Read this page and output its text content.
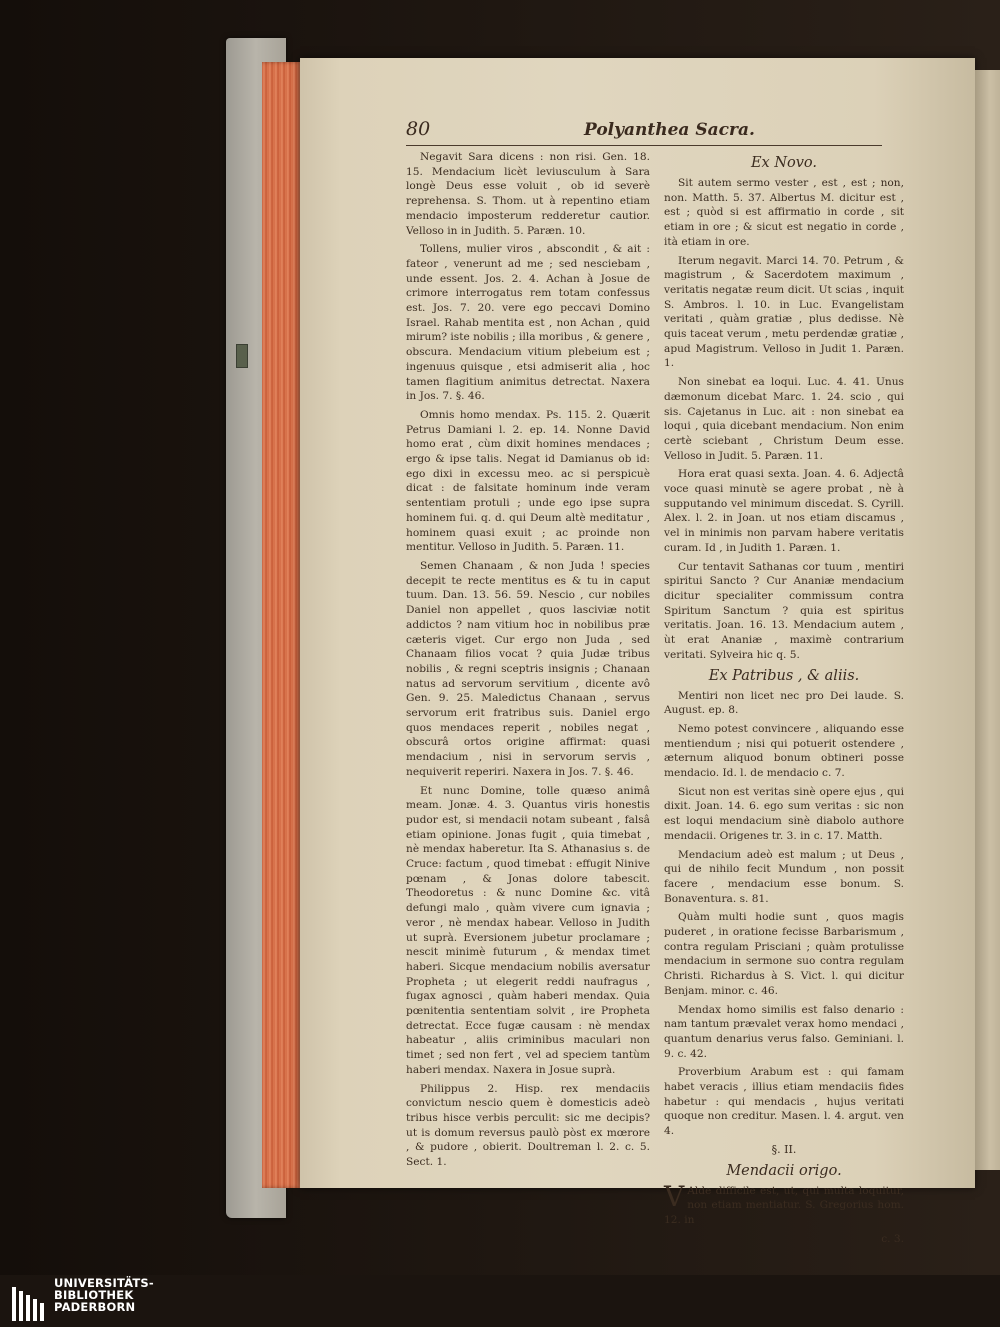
80	Polyanthea Sacra.

Negavit Sara dicens : non risi. Gen. 18. 15. Mendacium licèt leviusculum à Sara longè Deus esse voluit , ob id severè reprehensa. S. Thom. ut à repentino etiam mendacio imposterum redderetur cautior. Velloso in in Judith. 5. Paræn. 10.

Tollens, mulier viros , abscondit , & ait : fateor , venerunt ad me ; sed nesciebam , unde essent. Jos. 2. 4. Achan à Josue de crimore interrogatus rem totam confessus est. Jos. 7. 20. vere ego peccavi Domino Israel. Rahab mentita est , non Achan , quid mirum? iste nobilis ; illa moribus , & genere , obscura. Mendacium vitium plebeium est ; ingenuus quisque , etsi admiserit alia , hoc tamen flagitium animitus detrectat. Naxera in Jos. 7. §. 46.

Omnis homo mendax. Ps. 115. 2. Quærit Petrus Damiani l. 2. ep. 14. Nonne David homo erat , cùm dixit homines mendaces ; ergo & ipse talis. Negat id Damianus ob id: ego dixi in excessu meo. ac si perspicuè dicat : de falsitate hominum inde veram sententiam protuli ; unde ego ipse supra hominem fui. q. d. qui Deum altè meditatur , hominem quasi exuit ; ac proinde non mentitur. Velloso in Judith. 5. Paræn. 11.

Semen Chanaam , & non Juda ! species decepit te recte mentitus es & tu in caput tuum. Dan. 13. 56. 59. Nescio , cur nobiles Daniel non appellet , quos lasciviæ notit addictos ? nam vitium hoc in nobilibus præ cæteris viget. Cur ergo non Juda , sed Chanaam filios vocat ? quia Judæ tribus nobilis , & regni sceptris insignis ; Chanaan natus ad servorum servitium , dicente avô Gen. 9. 25. Maledictus Chanaan , servus servorum erit fratribus suis. Daniel ergo quos mendaces reperit , nobiles negat , obscurâ ortos origine affirmat: quasi mendacium , nisi in servorum servis , nequiverit reperiri. Naxera in Jos. 7. §. 46.

Et nunc Domine, tolle quæso animâ meam. Jonæ. 4. 3. Quantus viris honestis pudor est, si mendacii notam subeant , falsâ etiam opinione. Jonas fugit , quia timebat , nè mendax haberetur. Ita S. Athanasius s. de Cruce: factum , quod timebat : effugit Ninive pœnam , & Jonas dolore tabescit. Theodoretus : & nunc Domine &c. vitâ defungi malo , quàm vivere cum ignavia ; veror , nè mendax habear. Velloso in Judith ut suprà. Eversionem jubetur proclamare ; nescit minimè futurum , & mendax timet haberi. Sicque mendacium nobilis aversatur Propheta ; ut elegerit reddi naufragus , fugax agnosci , quàm haberi mendax. Quia pœnitentia sententiam solvit , ire Propheta detrectat. Ecce fugæ causam : nè mendax habeatur , aliis criminibus maculari non timet ; sed non fert , vel ad speciem tantùm haberi mendax. Naxera in Josue suprà.

Philippus 2. Hisp. rex mendaciis convictum nescio quem è domesticis adeò tribus hisce verbis perculit: sic me decipis? ut is domum reversus paulò pòst ex mœrore , & pudore , obierit. Doultreman l. 2. c. 5. Sect. 1.

Ex Novo.

Sit autem sermo vester , est , est ; non, non. Matth. 5. 37. Albertus M. dicitur est , est ; quòd si est affirmatio in corde , sit etiam in ore ; & sicut est negatio in corde , ità etiam in ore.

Iterum negavit. Marci 14. 70. Petrum , & magistrum , & Sacerdotem maximum , veritatis negatæ reum dicit. Ut scias , inquit S. Ambros. l. 10. in Luc. Evangelistam veritati , quàm gratiæ , plus dedisse. Nè quis taceat verum , metu perdendæ gratiæ , apud Magistrum. Velloso in Judit 1. Paræn. 1.

Non sinebat ea loqui. Luc. 4. 41. Unus dæmonum dicebat Marc. 1. 24. scio , qui sis. Cajetanus in Luc. ait : non sinebat ea loqui , quia dicebant mendacium. Non enim certè sciebant , Christum Deum esse. Velloso in Judit. 5. Paræn. 11.

Hora erat quasi sexta. Joan. 4. 6. Adjectâ voce quasi minutè se agere probat , nè à supputando vel minimum discedat. S. Cyrill. Alex. l. 2. in Joan. ut nos etiam discamus , vel in minimis non parvam habere veritatis curam. Id , in Judith 1. Paræn. 1.

Cur tentavit Sathanas cor tuum , mentiri spiritui Sancto ? Cur Ananiæ mendacium dicitur specialiter commissum contra Spiritum Sanctum ? quia est spiritus veritatis. Joan. 16. 13. Mendacium autem , ùt erat Ananiæ , maximè contrarium veritati. Sylveira hic q. 5.

Ex Patribus , & aliis.

Mentiri non licet nec pro Dei laude. S. August. ep. 8.

Nemo potest convincere , aliquando esse mentiendum ; nisi qui potuerit ostendere , æternum aliquod bonum obtineri posse mendacio. Id. l. de mendacio c. 7.

Sicut non est veritas sinè opere ejus , qui dixit. Joan. 14. 6. ego sum veritas : sic non est loqui mendacium sinè diabolo authore mendacii. Origenes tr. 3. in c. 17. Matth.

Mendacium adeò est malum ; ut Deus , qui de nihilo fecit Mundum , non possit facere , mendacium esse bonum. S. Bonaventura. s. 81.

Quàm multi hodie sunt , quos magis puderet , in oratione fecisse Barbarismum , contra regulam Prisciani ; quàm protulisse mendacium in sermone suo contra regulam Christi. Richardus à S. Vict. l. qui dicitur Benjam. minor. c. 46.

Mendax homo similis est falso denario : nam tantum prævalet verax homo mendaci , quantum denarius verus falso. Geminiani. l. 9. c. 42.

Proverbium Arabum est : qui famam habet veracis , illius etiam mendaciis fides habetur : qui mendacis , hujus veritati quoque non creditur. Masen. l. 4. argut. ven 4.

§. II.
Mendacii origo.

V Alde difficile est, ut, qui multa loquitur, non etiam mentiatur. S. Gregorius hom. 12. in

c. 3.

UNIVERSITÄTS-
BIBLIOTHEK
PADERBORN
